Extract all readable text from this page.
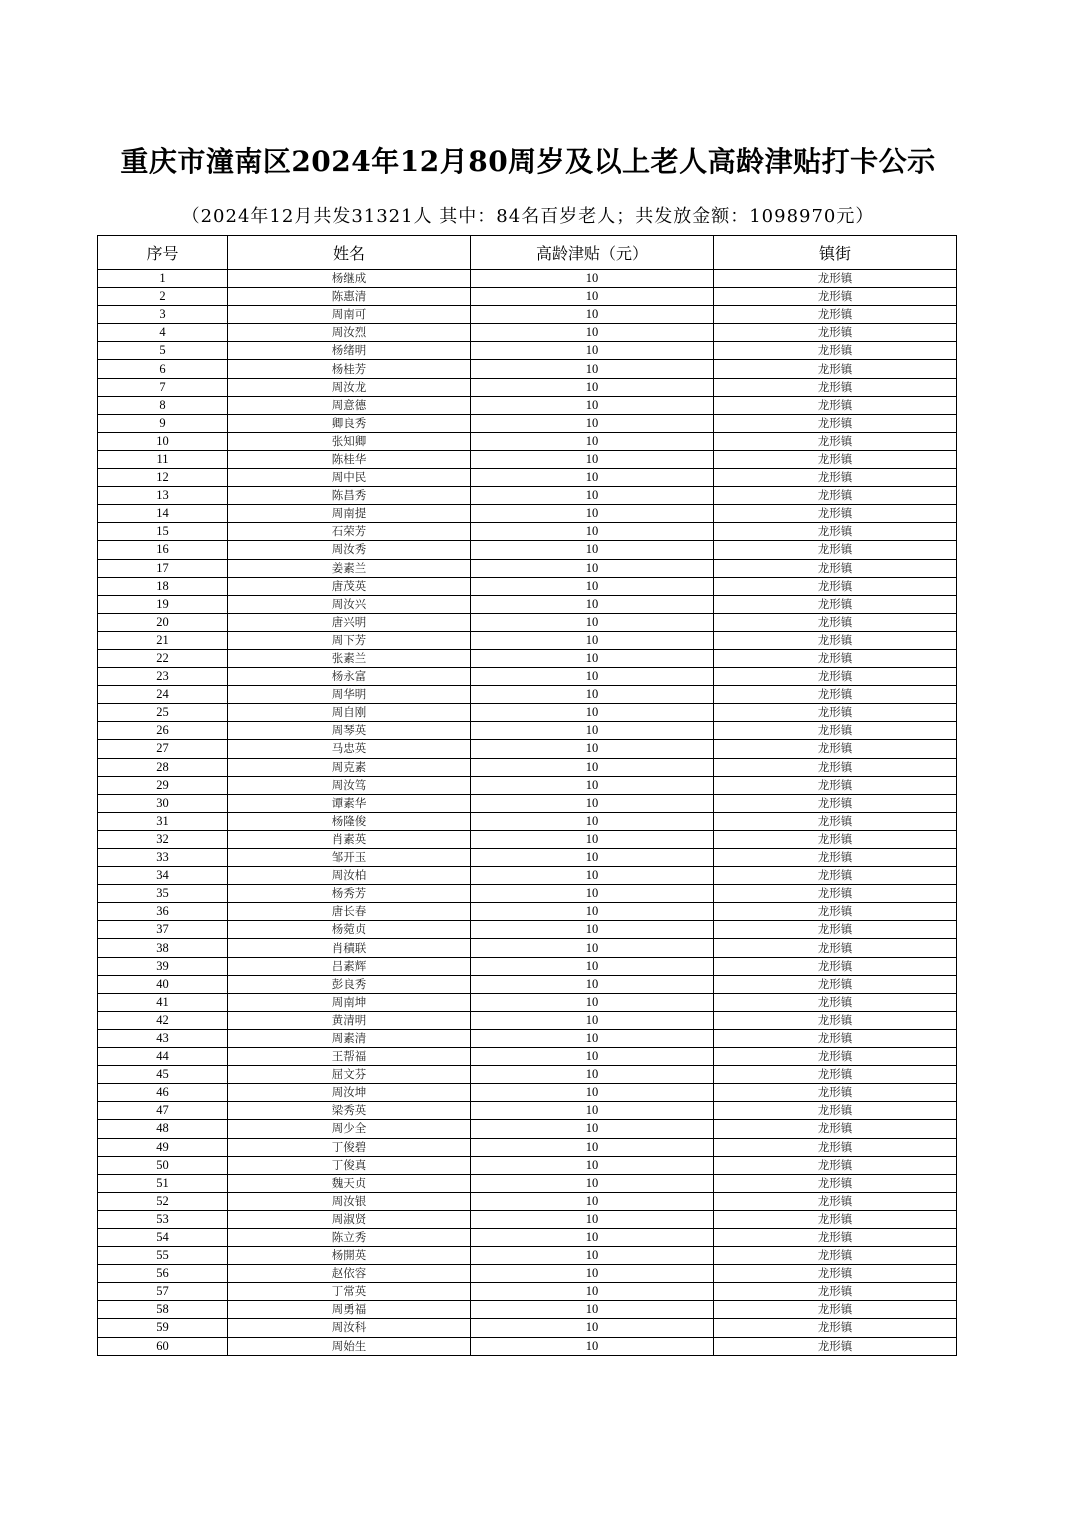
重庆市潼南区2024年12月80周岁及以上老人高龄津贴打卡公示
（2024年12月共发31321人 其中：84名百岁老人；共发放金额：1098970元）
序号	姓名	高龄津贴（元）	镇街
1	杨继成	10	龙形镇
2	陈惠清	10	龙形镇
3	周南可	10	龙形镇
4	周汝烈	10	龙形镇
5	杨绪明	10	龙形镇
6	杨桂芳	10	龙形镇
7	周汝龙	10	龙形镇
8	周意德	10	龙形镇
9	卿良秀	10	龙形镇
10	张知卿	10	龙形镇
11	陈桂华	10	龙形镇
12	周中民	10	龙形镇
13	陈昌秀	10	龙形镇
14	周南提	10	龙形镇
15	石荣芳	10	龙形镇
16	周汝秀	10	龙形镇
17	姜素兰	10	龙形镇
18	唐茂英	10	龙形镇
19	周汝兴	10	龙形镇
20	唐兴明	10	龙形镇
21	周下芳	10	龙形镇
22	张素兰	10	龙形镇
23	杨永富	10	龙形镇
24	周华明	10	龙形镇
25	周自刚	10	龙形镇
26	周琴英	10	龙形镇
27	马忠英	10	龙形镇
28	周克素	10	龙形镇
29	周汝笃	10	龙形镇
30	谭素华	10	龙形镇
31	杨隆俊	10	龙形镇
32	肖素英	10	龙形镇
33	邹开玉	10	龙形镇
34	周汝柏	10	龙形镇
35	杨秀芳	10	龙形镇
36	唐长春	10	龙形镇
37	杨菀贞	10	龙形镇
38	肖積联	10	龙形镇
39	吕素辉	10	龙形镇
40	彭良秀	10	龙形镇
41	周南坤	10	龙形镇
42	黄清明	10	龙形镇
43	周素清	10	龙形镇
44	王帮福	10	龙形镇
45	屈文芬	10	龙形镇
46	周汝坤	10	龙形镇
47	梁秀英	10	龙形镇
48	周少全	10	龙形镇
49	丁俊碧	10	龙形镇
50	丁俊真	10	龙形镇
51	魏天贞	10	龙形镇
52	周汝银	10	龙形镇
53	周淑贤	10	龙形镇
54	陈立秀	10	龙形镇
55	杨開英	10	龙形镇
56	赵依容	10	龙形镇
57	丁常英	10	龙形镇
58	周勇福	10	龙形镇
59	周汝科	10	龙形镇
60	周始生	10	龙形镇
